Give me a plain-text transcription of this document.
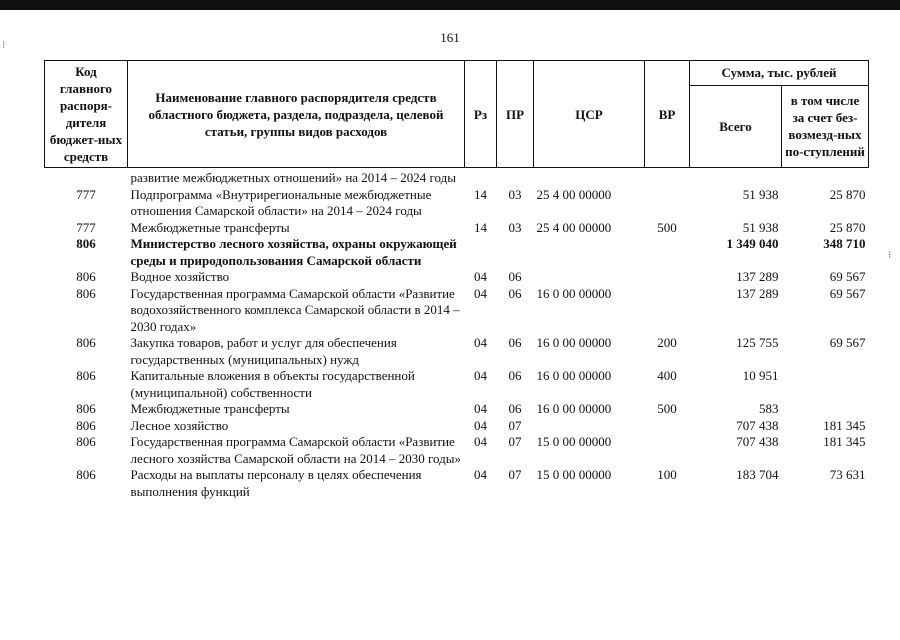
161
Код главного распоря-дителя бюджет-ных средств	Наименование главного распорядителя средств областного бюджета, раздела, подраздела, целевой статьи, группы видов расходов	Рз	ПР	ЦСР	ВР	Сумма, тыс. рублей	
						Всего	в том числе за счет без-возмезд-ных по-ступлений
	развитие межбюджетных отношений» на 2014 – 2024 годы						
777	Подпрограмма «Внутрирегиональные межбюджетные отношения Самарской области» на 2014 – 2024 годы	14	03	25 4 00 00000		51 938	25 870
777	Межбюджетные трансферты	14	03	25 4 00 00000	500	51 938	25 870
806	Министерство лесного хозяйства, охраны окружающей среды и природопользования Самарской области					1 349 040	348 710
806	Водное хозяйство	04	06			137 289	69 567
806	Государственная программа Самарской области «Развитие водохозяйственного комплекса Самарской области в 2014 – 2030 годах»	04	06	16 0 00 00000		137 289	69 567
806	Закупка товаров, работ и услуг для обеспечения государственных (муниципальных) нужд	04	06	16 0 00 00000	200	125 755	69 567
806	Капитальные вложения в объекты государственной (муниципальной) собственности	04	06	16 0 00 00000	400	10 951	
806	Межбюджетные трансферты	04	06	16 0 00 00000	500	583	
806	Лесное хозяйство	04	07			707 438	181 345
806	Государственная программа Самарской области «Развитие лесного хозяйства Самарской области на 2014 – 2030 годы»	04	07	15 0 00 00000		707 438	181 345
806	Расходы на выплаты персоналу в целях обеспечения выполнения функций	04	07	15 0 00 00000	100	183 704	73 631
⁝
⁝
